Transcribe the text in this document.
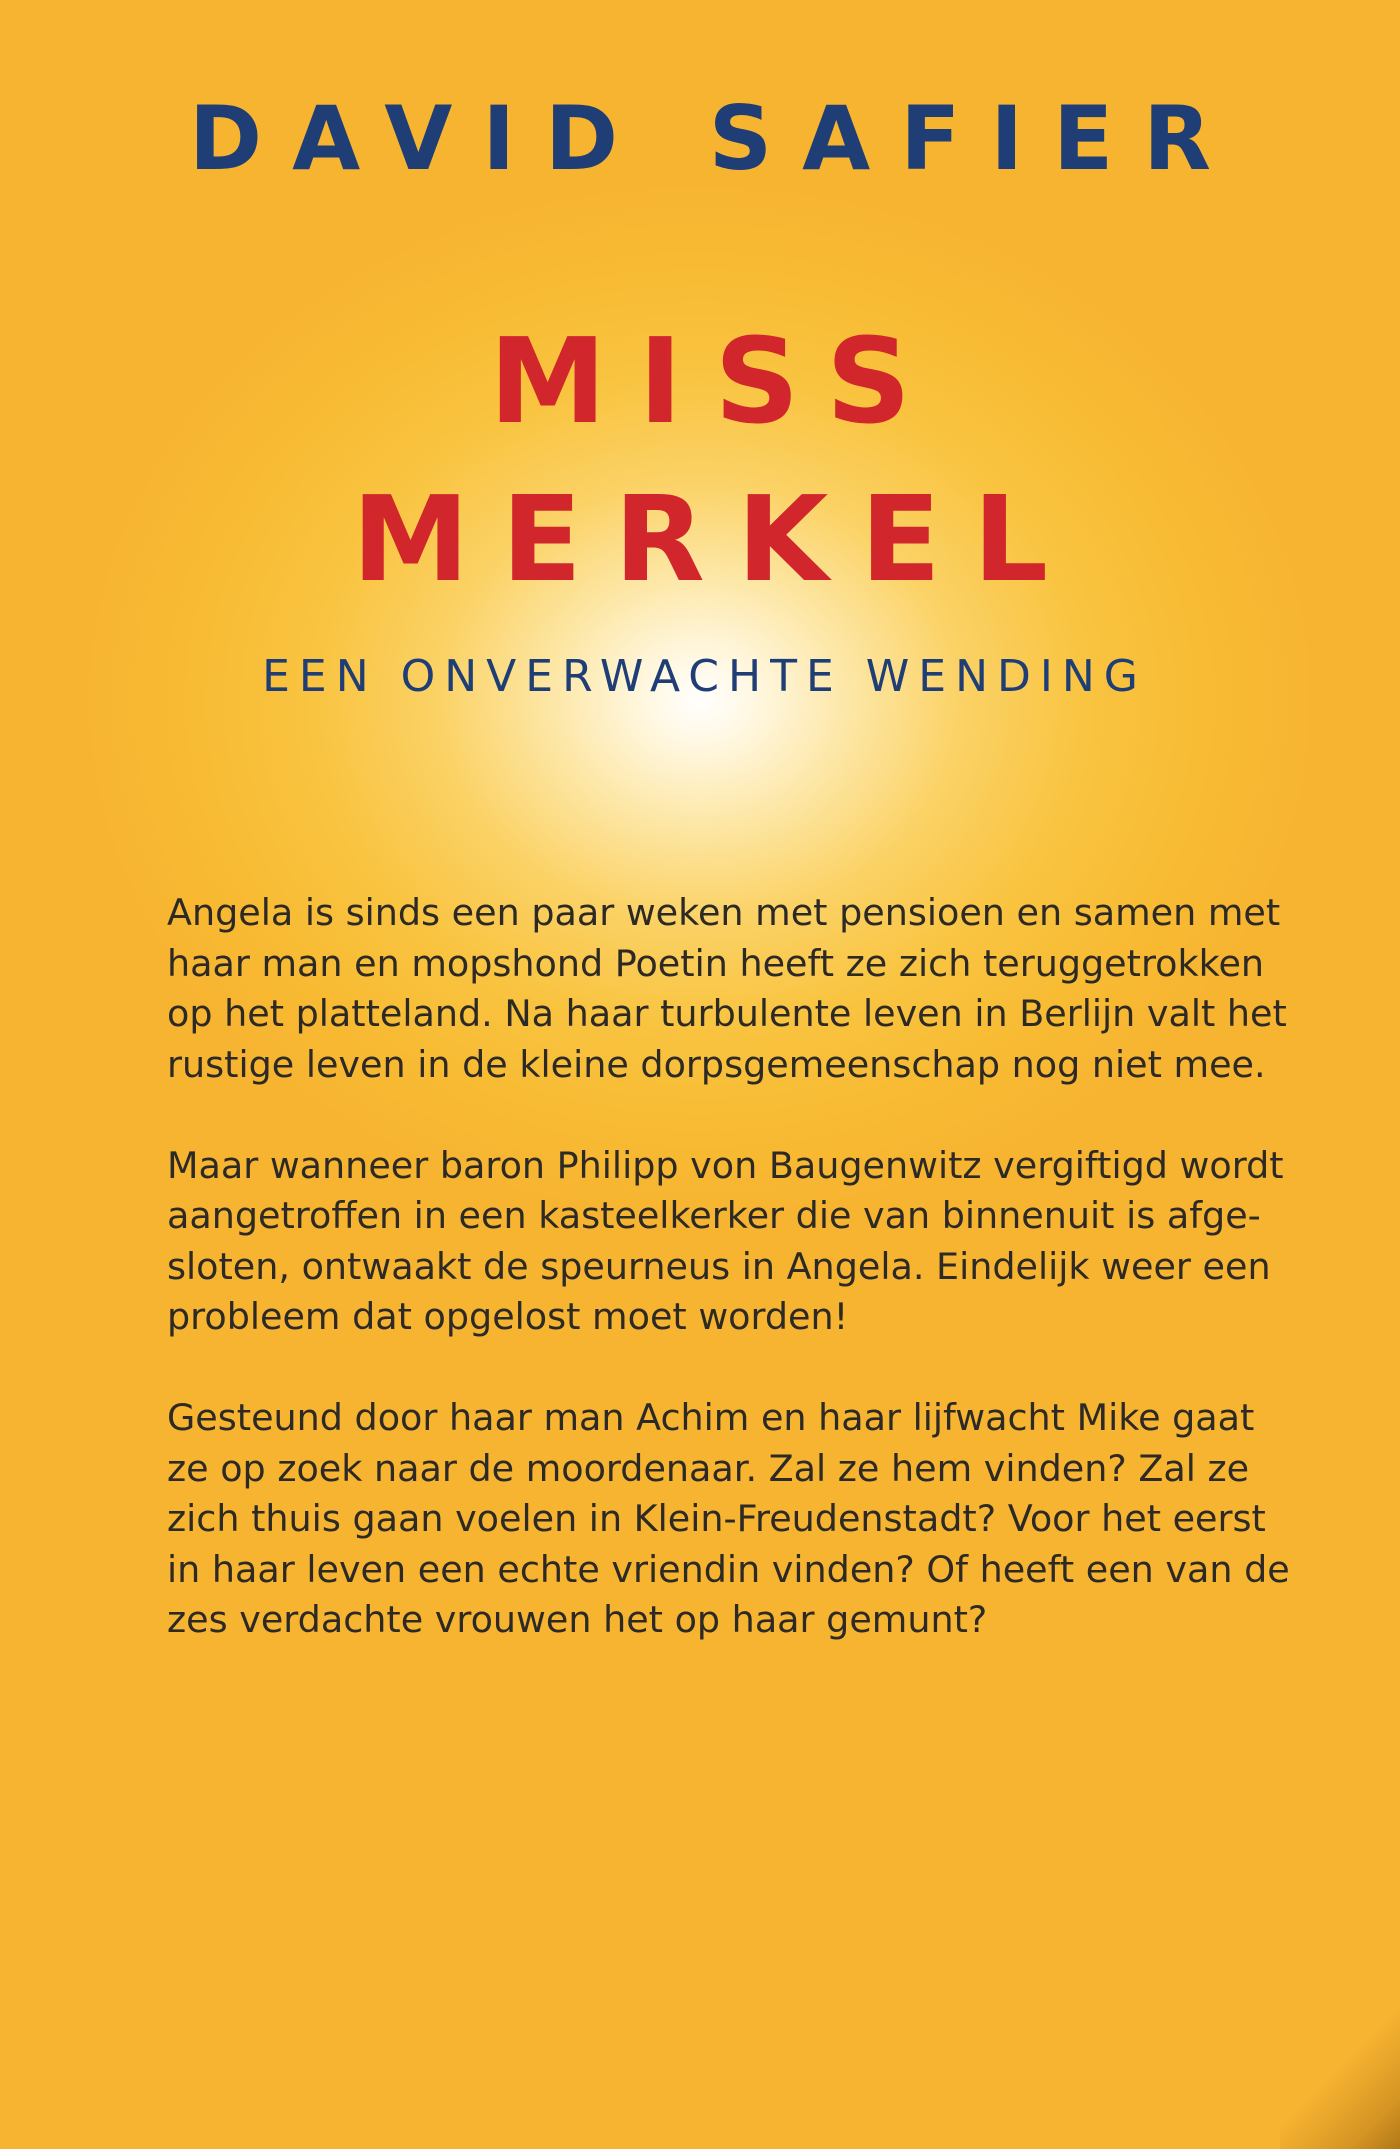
DAVID SAFIER
MISS
MERKEL
EEN ONVERWACHTE WENDING

Angela is sinds een paar weken met pensioen en samen met
haar man en mopshond Poetin heeft ze zich teruggetrokken
op het platteland. Na haar turbulente leven in Berlijn valt het
rustige leven in de kleine dorpsgemeenschap nog niet mee.

Maar wanneer baron Philipp von Baugenwitz vergiftigd wordt
aangetroffen in een kasteelkerker die van binnenuit is afge-
sloten, ontwaakt de speurneus in Angela. Eindelijk weer een
probleem dat opgelost moet worden!

Gesteund door haar man Achim en haar lijfwacht Mike gaat
ze op zoek naar de moordenaar. Zal ze hem vinden? Zal ze
zich thuis gaan voelen in Klein-Freudenstadt? Voor het eerst
in haar leven een echte vriendin vinden? Of heeft een van de
zes verdachte vrouwen het op haar gemunt?
